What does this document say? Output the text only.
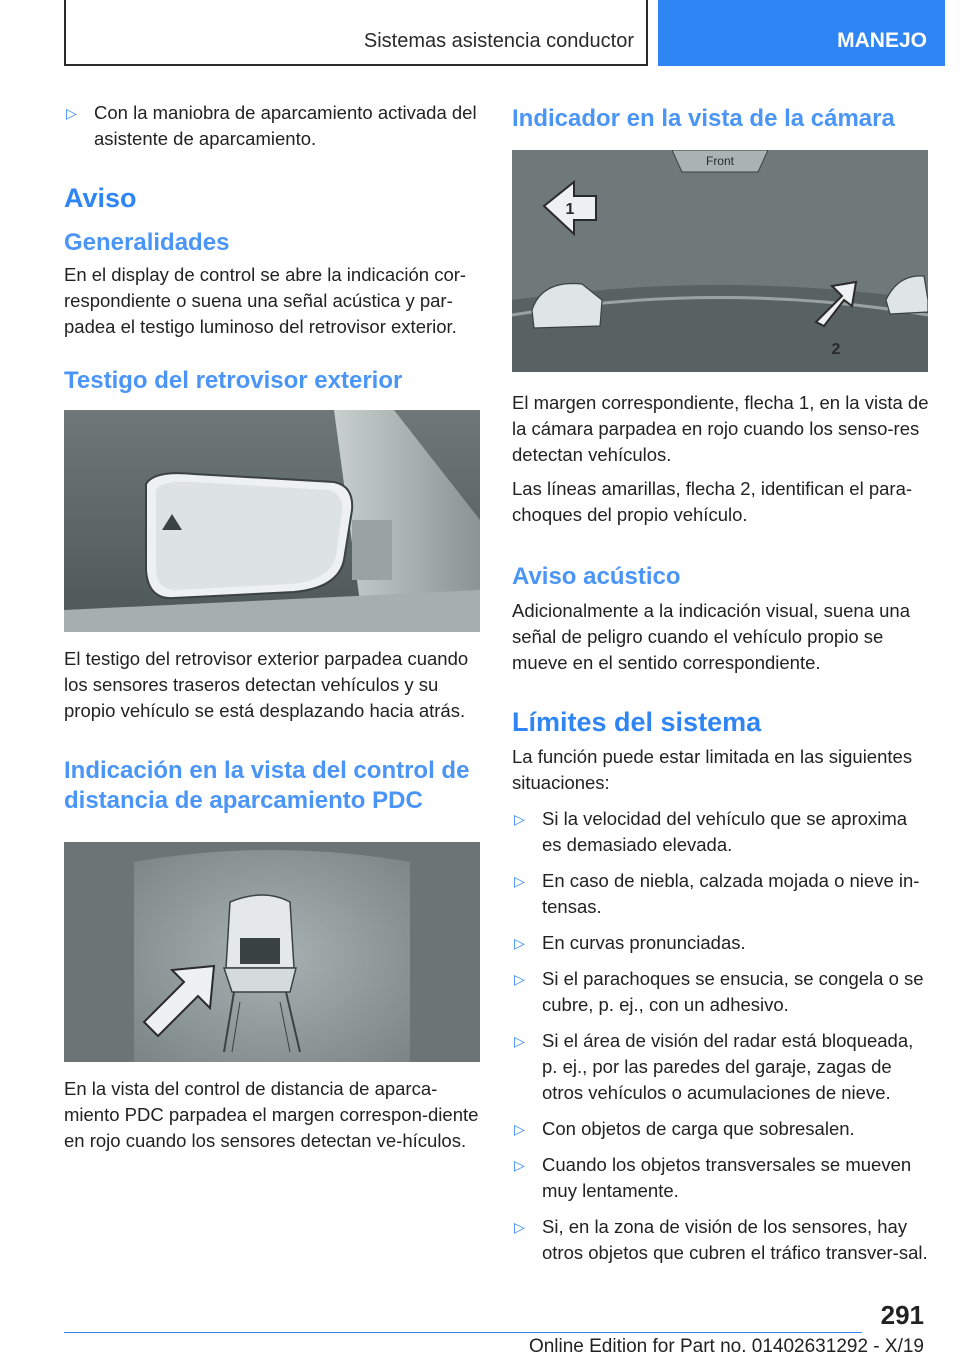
Sistemas asistencia conductor	MANEJO
▷ Con la maniobra de aparcamiento activada del asistente de aparcamiento.
Aviso
Generalidades

En el display de control se abre la indicación cor-respondiente o suena una señal acústica y par-padea el testigo luminoso del retrovisor exterior.

Testigo del retrovisor exterior

El testigo del retrovisor exterior parpadea cuando los sensores traseros detectan vehículos y su propio vehículo se está desplazando hacia atrás.

Indicación en la vista del control de distancia de aparcamiento PDC

En la vista del control de distancia de aparca-miento PDC parpadea el margen correspon-diente en rojo cuando los sensores detectan ve-hículos.

Indicador en la vista de la cámara
Front
1
2

El margen correspondiente, flecha 1, en la vista de la cámara parpadea en rojo cuando los senso-res detectan vehículos.

Las líneas amarillas, flecha 2, identifican el para-choques del propio vehículo.

Aviso acústico

Adicionalmente a la indicación visual, suena una señal de peligro cuando el vehículo propio se mueve en el sentido correspondiente.

Límites del sistema

La función puede estar limitada en las siguientes situaciones:

▷ Si la velocidad del vehículo que se aproxima es demasiado elevada.
▷ En caso de niebla, calzada mojada o nieve in-tensas.
▷ En curvas pronunciadas.
▷ Si el parachoques se ensucia, se congela o se cubre, p. ej., con un adhesivo.
▷ Si el área de visión del radar está bloqueada, p. ej., por las paredes del garaje, zagas de otros vehículos o acumulaciones de nieve.
▷ Con objetos de carga que sobresalen.
▷ Cuando los objetos transversales se mueven muy lentamente.
▷ Si, en la zona de visión de los sensores, hay otros objetos que cubren el tráfico transver-sal.
291
Online Edition for Part no. 01402631292 - X/19
